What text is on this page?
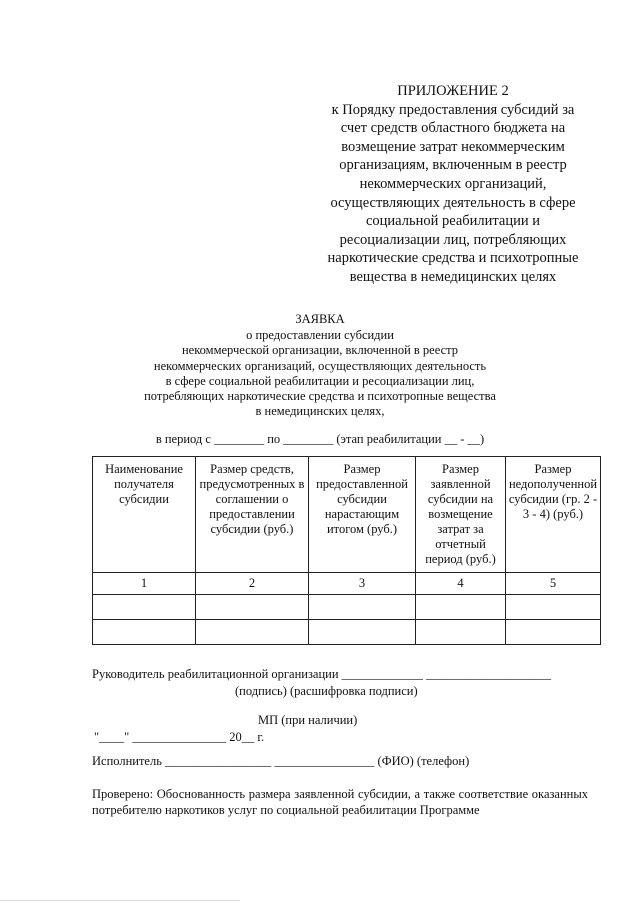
ПРИЛОЖЕНИЕ 2
к Порядку предоставления субсидий за
счет средств областного бюджета на
возмещение затрат некоммерческим
организациям, включенным в реестр
некоммерческих организаций,
осуществляющих деятельность в сфере
социальной реабилитации и
ресоциализации лиц, потребляющих
наркотические средства и психотропные
вещества в немедицинских целях
ЗАЯВКА
о предоставлении субсидии
некоммерческой организации, включенной в реестр
некоммерческих организаций, осуществляющих деятельность
в сфере социальной реабилитации и ресоциализации лиц,
потребляющих наркотические средства и психотропные вещества
в немедицинских целях,
в период с ________ по ________ (этап реабилитации __ - __)
Наименование получателя субсидии	Размер средств, предусмотренных в соглашении о предоставлении субсидии (руб.)	Размер предоставленной субсидии нарастающим итогом (руб.)	Размер заявленной субсидии на возмещение затрат за отчетный период (руб.)	Размер недополученной субсидии (гр. 2 - 3 - 4) (руб.)
1	2	3	4	5

Руководитель реабилитационной организации _____________ ____________________
(подпись) (расшифровка подписи)
МП (при наличии)
"____" _______________ 20__ г.
Исполнитель _________________ ________________ (ФИО) (телефон)
Проверено: Обоснованность размера заявленной субсидии, а также соответствие оказанных потребителю наркотиков услуг по социальной реабилитации Программе
